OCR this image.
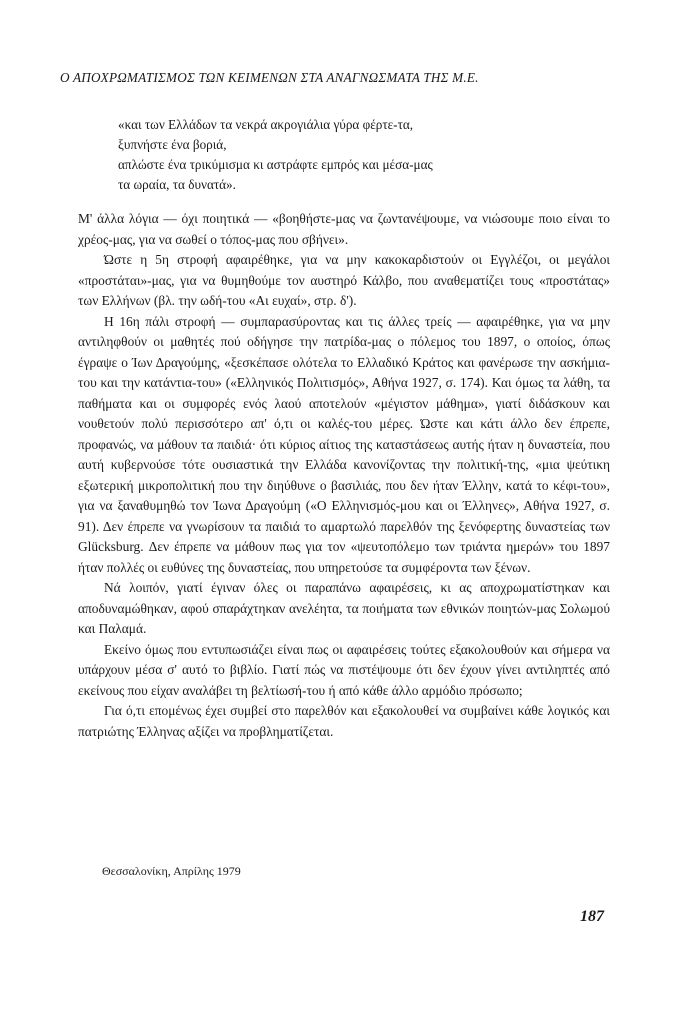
Ο ΑΠΟΧΡΩΜΑΤΙΣΜΟΣ ΤΩΝ ΚΕΙΜΕΝΩΝ ΣΤΑ ΑΝΑΓΝΩΣΜΑΤΑ ΤΗΣ Μ.Ε.
«και των Ελλάδων τα νεκρά ακρογιάλια γύρα φέρτε-τα,
ξυπνήστε ένα βοριά,
απλώστε ένα τρικύμισμα κι αστράφτε εμπρός και μέσα-μας
τα ωραία, τα δυνατά».

Μ' άλλα λόγια — όχι ποιητικά — «βοηθήστε-μας να ζωντανέψουμε, να νιώσουμε ποιο είναι το χρέος-μας, για να σωθεί ο τόπος-μας που σβήνει».

Ώστε η 5η στροφή αφαιρέθηκε, για να μην κακοκαρδιστούν οι Εγγλέζοι, οι μεγάλοι «προστάται»-μας, για να θυμηθούμε τον αυστηρό Κάλβο, που αναθεματίζει τους «προστάτας» των Ελλήνων (βλ. την ωδή-του «Αι ευχαί», στρ. δ').

Η 16η πάλι στροφή — συμπαρασύροντας και τις άλλες τρείς — αφαιρέθηκε, για να μην αντιληφθούν οι μαθητές πού οδήγησε την πατρίδα-μας ο πόλεμος του 1897, ο οποίος, όπως έγραψε ο Ίων Δραγούμης, «ξεσκέπασε ολότελα το Ελλαδικό Κράτος και φανέρωσε την ασκήμια-του και την κατάντια-του» («Ελληνικός Πολιτισμός», Αθήνα 1927, σ. 174). Και όμως τα λάθη, τα παθήματα και οι συμφορές ενός λαού αποτελούν «μέγιστον μάθημα», γιατί διδάσκουν και νουθετούν πολύ περισσότερο απ' ό,τι οι καλές-του μέρες. Ώστε και κάτι άλλο δεν έπρεπε, προφανώς, να μάθουν τα παιδιά· ότι κύριος αίτιος της καταστάσεως αυτής ήταν η δυναστεία, που αυτή κυβερνούσε τότε ουσιαστικά την Ελλάδα κανονίζοντας την πολιτική-της, «μια ψεύτικη εξωτερική μικροπολιτική που την διηύθυνε ο βασιλιάς, που δεν ήταν Έλλην, κατά το κέφι-του», για να ξαναθυμηθώ τον Ίωνα Δραγούμη («Ο Ελληνισμός-μου και οι Έλληνες», Αθήνα 1927, σ. 91). Δεν έπρεπε να γνωρίσουν τα παιδιά το αμαρτωλό παρελθόν της ξενόφερτης δυναστείας των Glücksburg. Δεν έπρεπε να μάθουν πως για τον «ψευτοπόλεμο των τριάντα ημερών» του 1897 ήταν πολλές οι ευθύνες της δυναστείας, που υπηρετούσε τα συμφέροντα των ξένων.

Νά λοιπόν, γιατί έγιναν όλες οι παραπάνω αφαιρέσεις, κι ας αποχρωματίστηκαν και αποδυναμώθηκαν, αφού σπαράχτηκαν ανελέητα, τα ποιήματα των εθνικών ποιητών-μας Σολωμού και Παλαμά.

Εκείνο όμως που εντυπωσιάζει είναι πως οι αφαιρέσεις τούτες εξακολουθούν και σήμερα να υπάρχουν μέσα σ' αυτό το βιβλίο. Γιατί πώς να πιστέψουμε ότι δεν έχουν γίνει αντιληπτές από εκείνους που είχαν αναλάβει τη βελτίωσή-του ή από κάθε άλλο αρμόδιο πρόσωπο;

Για ό,τι επομένως έχει συμβεί στο παρελθόν και εξακολουθεί να συμβαίνει κάθε λογικός και πατριώτης Έλληνας αξίζει να προβληματίζεται.

Θεσσαλονίκη, Απρίλης 1979
187
